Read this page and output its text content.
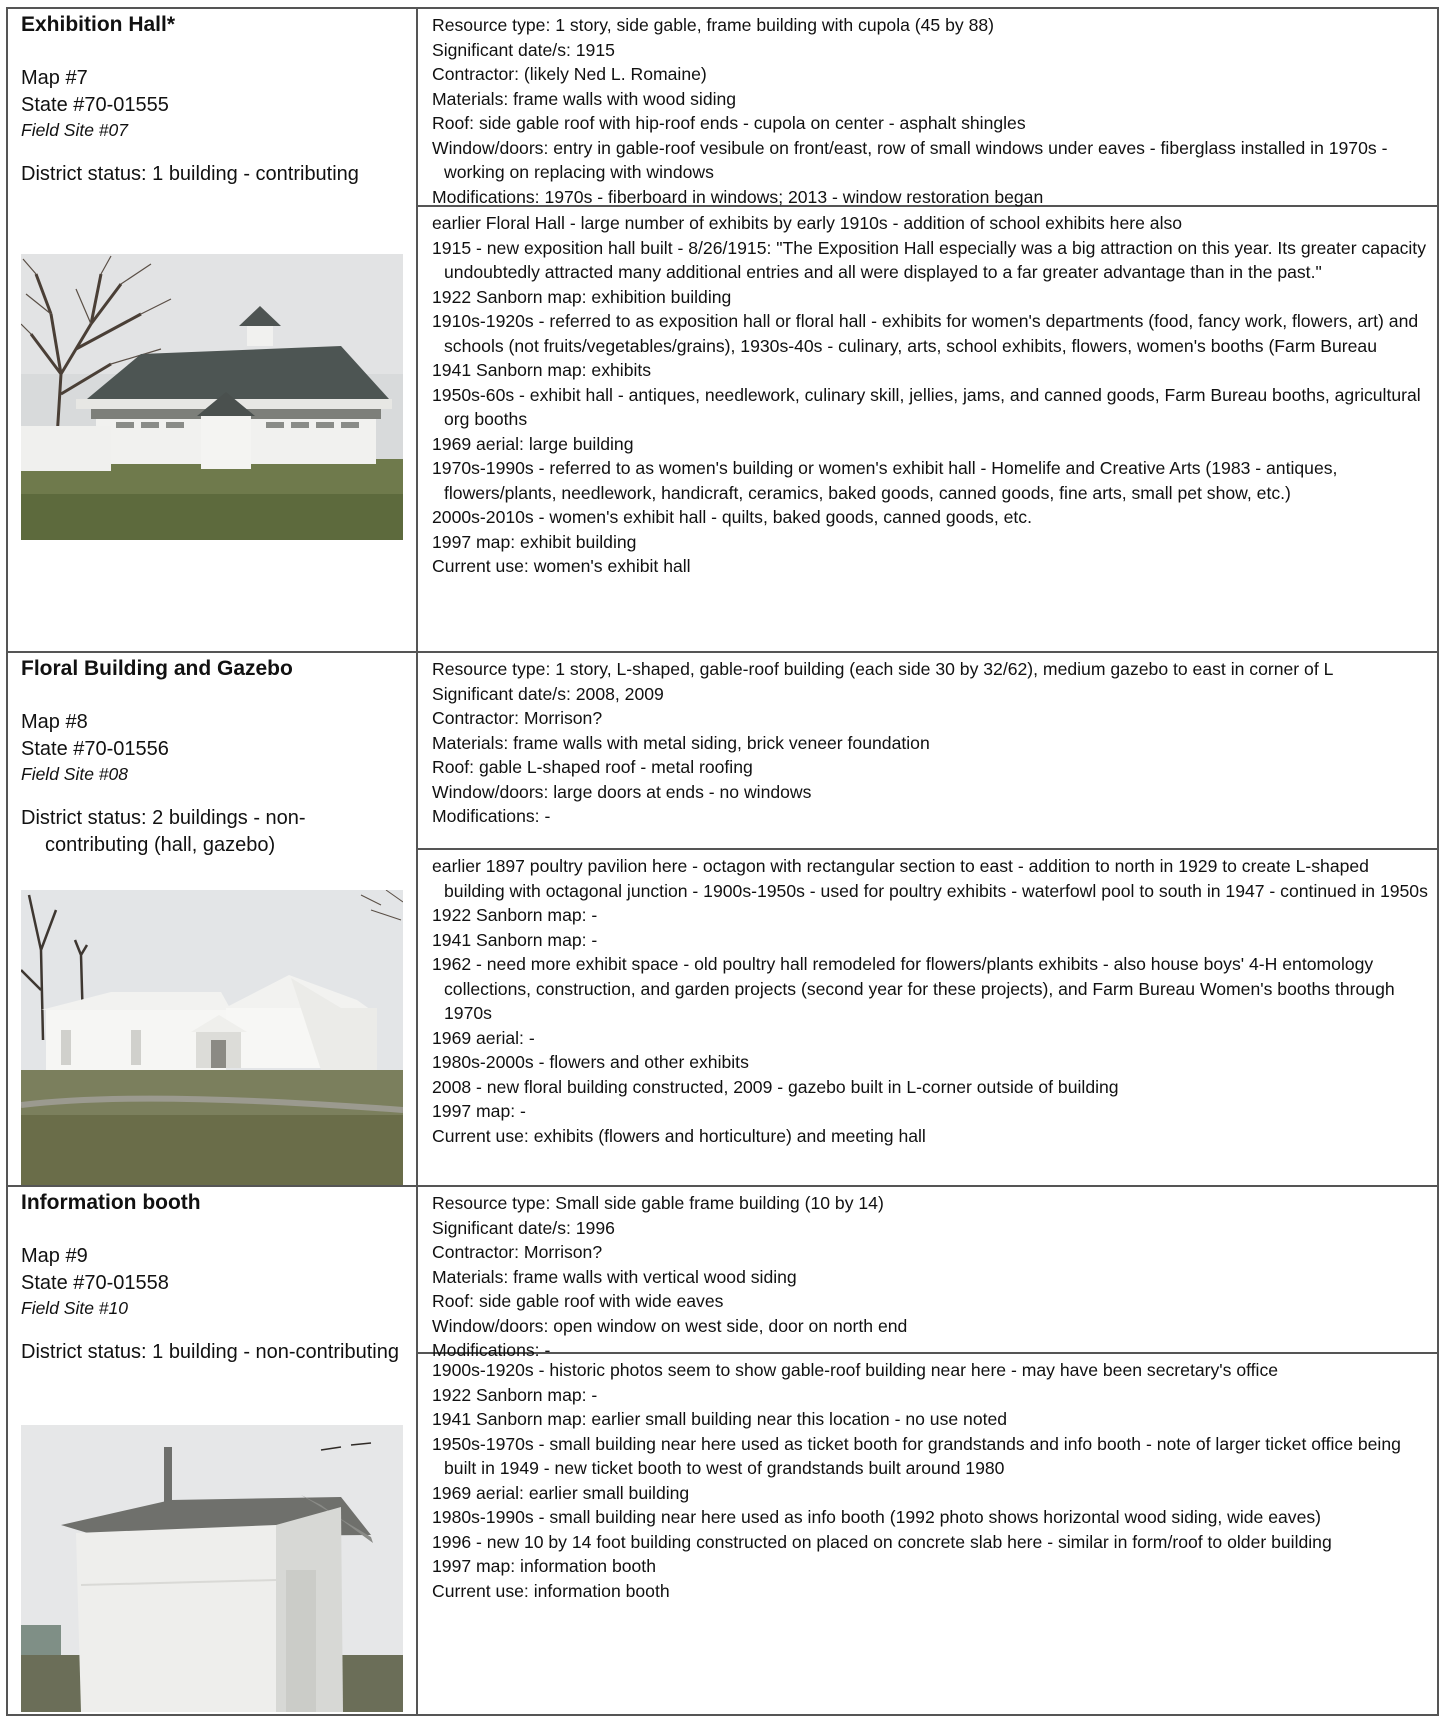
Exhibition Hall*
Map #7
State #70-01555
Field Site #07
District status: 1 building - contributing
Resource type: 1 story, side gable, frame building with cupola (45 by 88)
Significant date/s: 1915
Contractor: (likely Ned L. Romaine)
Materials: frame walls with wood siding
Roof: side gable roof with hip-roof ends - cupola on center - asphalt shingles
Window/doors: entry in gable-roof vesibule on front/east, row of small windows under eaves - fiberglass installed in 1970s - working on replacing with windows
Modifications: 1970s - fiberboard in windows; 2013 - window restoration began
earlier Floral Hall - large number of exhibits by early 1910s - addition of school exhibits here also
1915 - new exposition hall built - 8/26/1915: "The Exposition Hall especially was a big attraction on this year. Its greater capacity undoubtedly attracted many additional entries and all were displayed to a far greater advantage than in the past."
1922 Sanborn map: exhibition building
1910s-1920s - referred to as exposition hall or floral hall - exhibits for women's departments (food, fancy work, flowers, art) and schools (not fruits/vegetables/grains), 1930s-40s - culinary, arts, school exhibits, flowers, women's booths (Farm Bureau
1941 Sanborn map: exhibits
1950s-60s - exhibit hall - antiques, needlework, culinary skill, jellies, jams, and canned goods, Farm Bureau booths, agricultural org booths
1969 aerial: large building
1970s-1990s - referred to as women's building or women's exhibit hall - Homelife and Creative Arts (1983 - antiques, flowers/plants, needlework, handicraft, ceramics, baked goods, canned goods, fine arts, small pet show, etc.)
2000s-2010s - women's exhibit hall - quilts, baked goods, canned goods, etc.
1997 map: exhibit building
Current use: women's exhibit hall
Floral Building and Gazebo
Map #8
State #70-01556
Field Site #08
District status: 2 buildings - non-contributing (hall, gazebo)
Resource type: 1 story, L-shaped, gable-roof building (each side 30 by 32/62), medium gazebo to east in corner of L
Significant date/s: 2008, 2009
Contractor: Morrison?
Materials: frame walls with metal siding, brick veneer foundation
Roof: gable L-shaped roof - metal roofing
Window/doors: large doors at ends - no windows
Modifications: -
earlier 1897 poultry pavilion here - octagon with rectangular section to east - addition to north in 1929 to create L-shaped building with octagonal junction - 1900s-1950s - used for poultry exhibits - waterfowl pool to south in 1947 - continued in 1950s
1922 Sanborn map: -
1941 Sanborn map: -
1962 - need more exhibit space - old poultry hall remodeled for flowers/plants exhibits - also house boys' 4-H entomology collections, construction, and garden projects (second year for these projects), and Farm Bureau Women's booths through 1970s
1969 aerial: -
1980s-2000s - flowers and other exhibits
2008 - new floral building constructed, 2009 - gazebo built in L-corner outside of building
1997 map: -
Current use: exhibits (flowers and horticulture) and meeting hall
Information booth
Map #9
State #70-01558
Field Site #10
District status: 1 building - non-contributing
Resource type: Small side gable frame building (10 by 14)
Significant date/s: 1996
Contractor: Morrison?
Materials: frame walls with vertical wood siding
Roof: side gable roof with wide eaves
Window/doors: open window on west side, door on north end
Modifications: -
1900s-1920s - historic photos seem to show gable-roof building near here - may have been secretary's office
1922 Sanborn map: -
1941 Sanborn map: earlier small building near this location - no use noted
1950s-1970s - small building near here used as ticket booth for grandstands and info booth - note of larger ticket office being built in 1949 - new ticket booth to west of grandstands built around 1980
1969 aerial: earlier small building
1980s-1990s - small building near here used as info booth (1992 photo shows horizontal wood siding, wide eaves)
1996 - new 10 by 14 foot building constructed on placed on concrete slab here - similar in form/roof to older building
1997 map: information booth
Current use: information booth
